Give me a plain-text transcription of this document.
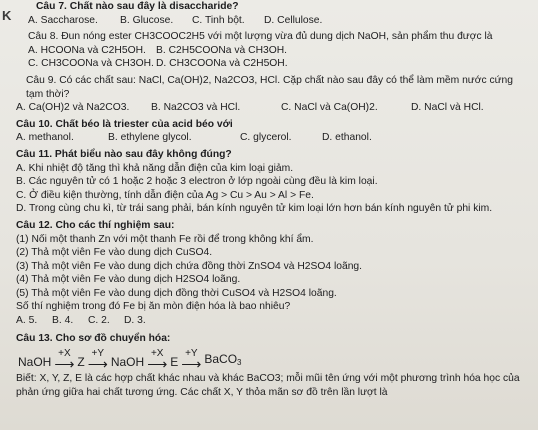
K
Câu 7. Chất nào sau đây là disaccharide?
A. Saccharose.	B. Glucose.	C. Tinh bột.	D. Cellulose.
Câu 8. Đun nóng ester CH3COOC2H5 với một lượng vừa đủ dung dịch NaOH, sản phẩm thu được là
A. HCOONa và C2H5OH. B. C2H5COONa và CH3OH.
C. CH3COONa và CH3OH. D. CH3COONa và C2H5OH.
Câu 9. Có các chất sau: NaCl, Ca(OH)2, Na2CO3, HCl. Cặp chất nào sau đây có thể làm mềm nước cứng tạm thời?
A. Ca(OH)2 và Na2CO3.	B. Na2CO3 và HCl.	C. NaCl và Ca(OH)2.	D. NaCl và HCl.
Câu 10. Chất béo là triester của acid béo với
A. methanol.	B. ethylene glycol.	C. glycerol.	D. ethanol.
Câu 11. Phát biểu nào sau đây không đúng?
A. Khi nhiệt độ tăng thì khả năng dẫn điện của kim loại giảm.
B. Các nguyên tử có 1 hoặc 2 hoặc 3 electron ở lớp ngoài cùng đều là kim loại.
C. Ở điều kiện thường, tính dẫn điện của Ag > Cu > Au > Al > Fe.
D. Trong cùng chu kì, từ trái sang phải, bán kính nguyên tử kim loại lớn hơn bán kính nguyên tử phi kim.
Câu 12. Cho các thí nghiệm sau:
(1) Nối một thanh Zn với một thanh Fe rồi để trong không khí ẩm.
(2) Thả một viên Fe vào dung dịch CuSO4.
(3) Thả một viên Fe vào dung dịch chứa đồng thời ZnSO4 và H2SO4 loãng.
(4) Thả một viên Fe vào dung dịch H2SO4 loãng.
(5) Thả một viên Fe vào dung dịch đồng thời CuSO4 và H2SO4 loãng.
Số thí nghiệm trong đó Fe bị ăn mòn điện hóa là bao nhiêu?
A. 5.	B. 4.	C. 2.	D. 3.
Câu 13. Cho sơ đồ chuyển hóa:
NaOH
+X
⟶ Z
+Y
⟶ NaOH
+X
⟶ E
+Y
⟶ BaCO$_3$
Biết: X, Y, Z, E là các hợp chất khác nhau và khác BaCO3; mỗi mũi tên ứng với một phương trình hóa học của phản ứng giữa hai chất tương ứng. Các chất X, Y thỏa mãn sơ đồ trên lần lượt là
